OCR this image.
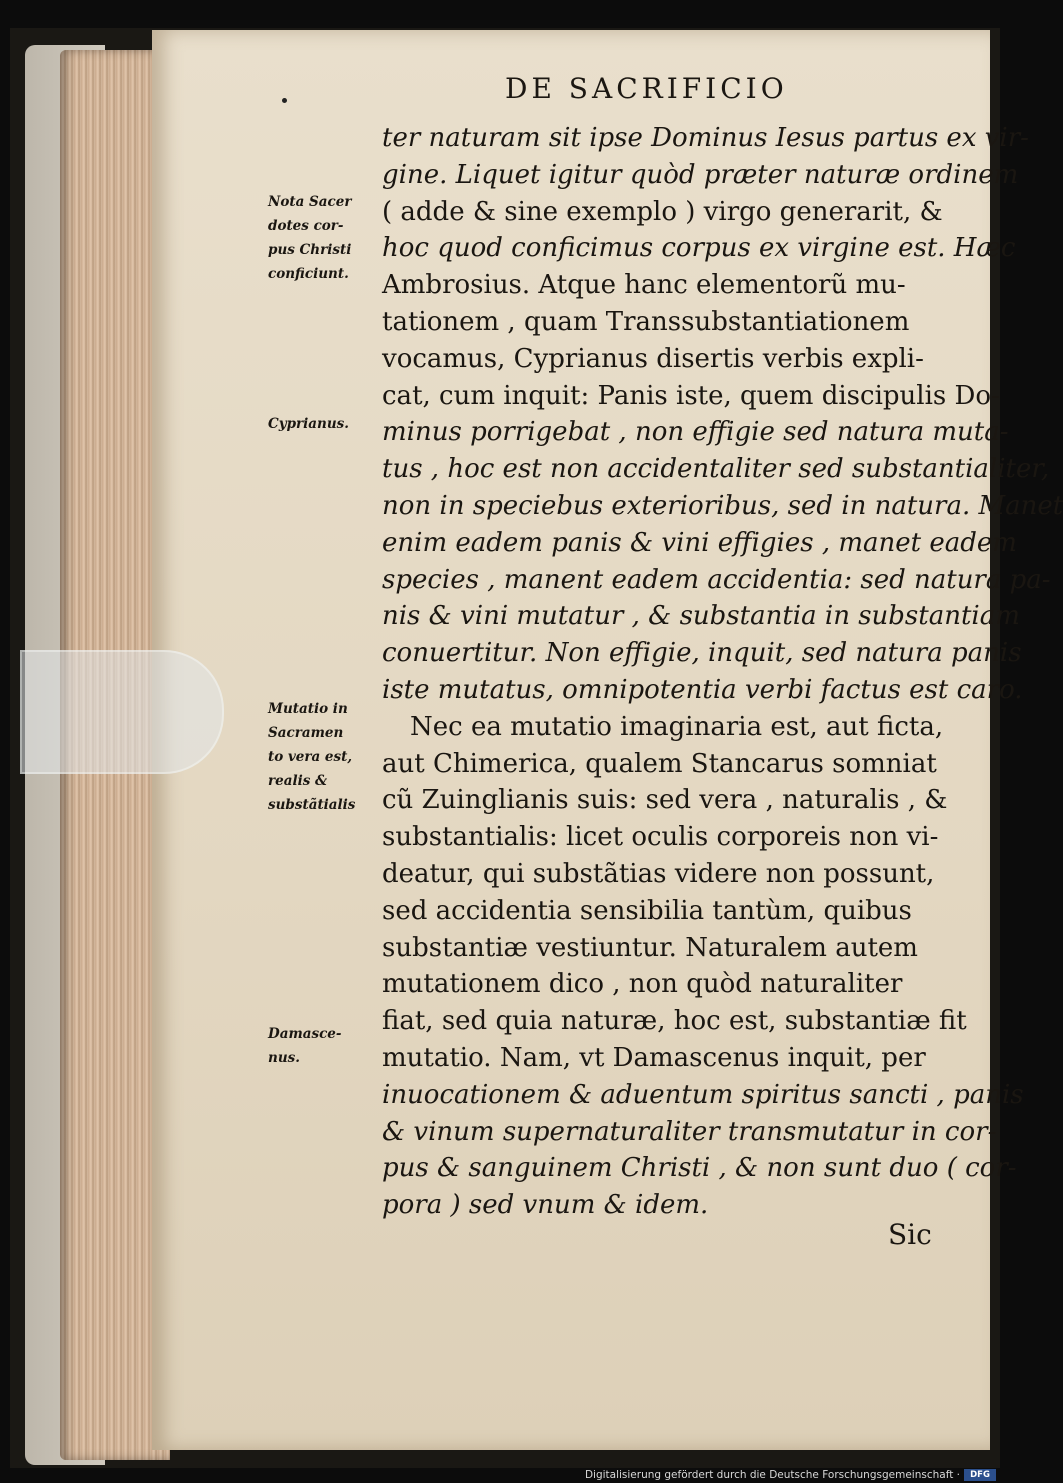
DE SACRIFICIO
ter naturam sit ipse Dominus Iesus partus ex vir-
gine. Liquet igitur quòd præter naturæ ordinem
( adde & sine exemplo ) virgo generarit, &
hoc quod conficimus corpus ex virgine est. Hæc
Ambrosius. Atque hanc elementorũ mu-
tationem , quam Transsubstantiationem
vocamus, Cyprianus disertis verbis expli-
cat, cum inquit: Panis iste, quem discipulis Do-
minus porrigebat , non effigie sed natura muta-
tus , hoc est non accidentaliter sed substantialiter,
non in speciebus exterioribus, sed in natura. Manet
enim eadem panis & vini effigies , manet eadem
species , manent eadem accidentia: sed natura pa-
nis & vini mutatur , & substantia in substantiam
conuertitur. Non effigie, inquit, sed natura panis
iste mutatus, omnipotentia verbi factus est caro.
Nec ea mutatio imaginaria est, aut ficta,
aut Chimerica, qualem Stancarus somniat
cũ Zuinglianis suis: sed vera , naturalis , &
substantialis: licet oculis corporeis non vi-
deatur, qui substãtias videre non possunt,
sed accidentia sensibilia tantùm, quibus
substantiæ vestiuntur. Naturalem autem
mutationem dico , non quòd naturaliter
fiat, sed quia naturæ, hoc est, substantiæ fit
mutatio. Nam, vt Damascenus inquit, per
inuocationem & aduentum spiritus sancti , panis
& vinum supernaturaliter transmutatur in cor-
pus & sanguinem Christi , & non sunt duo ( cor-
pora ) sed vnum & idem.
Nota Sacer
dotes cor-
pus Christi
conficiunt.
Cyprianus.
Mutatio in
Sacramen
to vera est,
realis &
substãtialis
Damasce-
nus.
Sic
Digitalisierung gefördert durch die Deutsche Forschungsgemeinschaft ·	DFG
